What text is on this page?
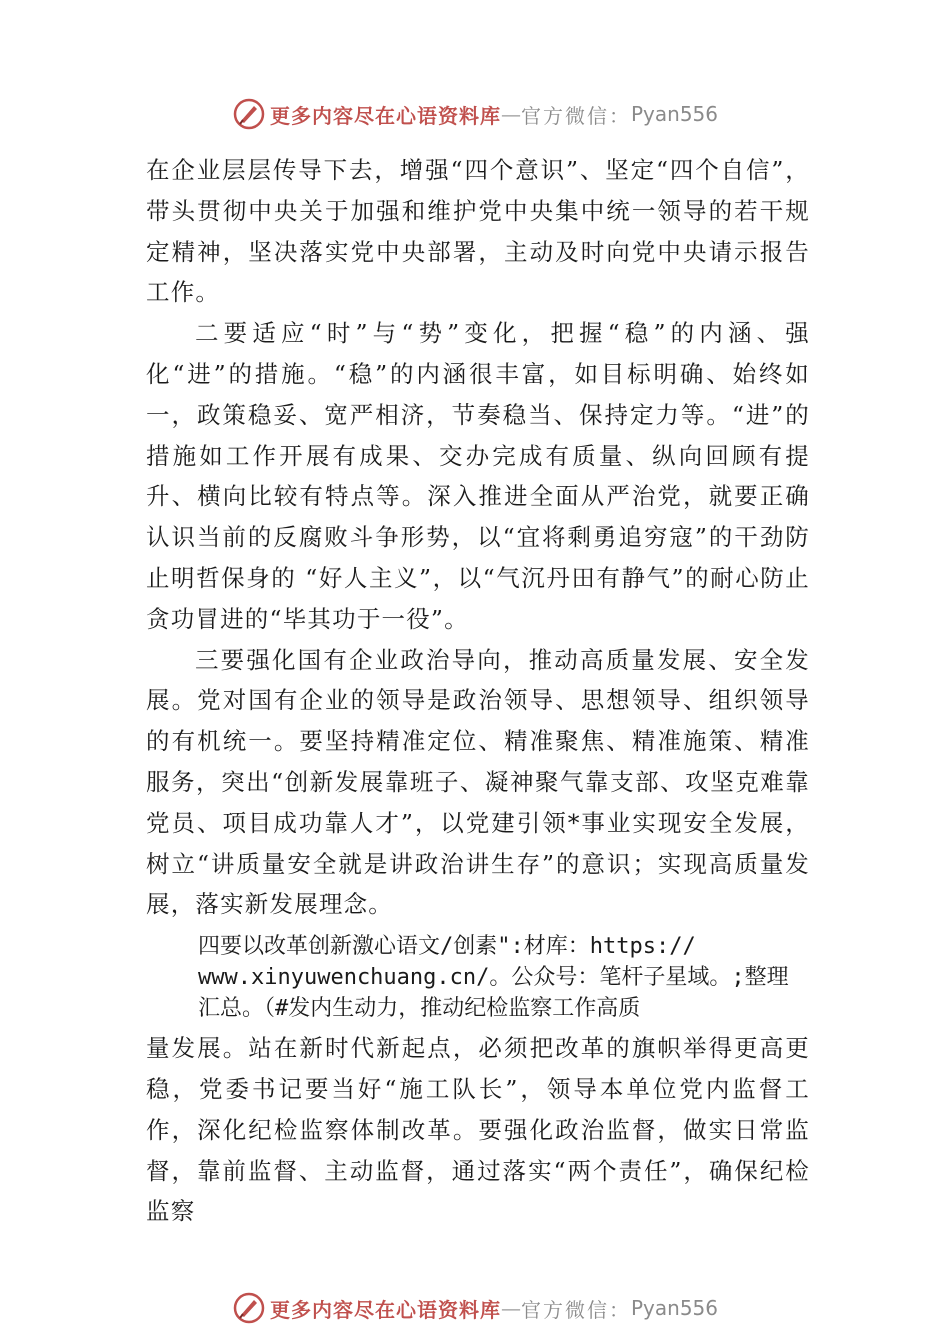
更多内容尽在心语资料库 — 官方微信： Pyan556

在企业层层传导下去，增强“四个意识”、坚定“四个自信”，带头贯彻中央关于加强和维护党中央集中统一领导的若干规定精神，坚决落实党中央部署，主动及时向党中央请示报告工作。

二要适应“时”与“势”变化，把握“稳”的内涵、强化“进”的措施。“稳”的内涵很丰富，如目标明确、始终如一，政策稳妥、宽严相济，节奏稳当、保持定力等。“进”的措施如工作开展有成果、交办完成有质量、纵向回顾有提升、横向比较有特点等。深入推进全面从严治党，就要正确认识当前的反腐败斗争形势，以“宜将剩勇追穷寇”的干劲防止明哲保身的 “好人主义”，以“气沉丹田有静气”的耐心防止贪功冒进的“毕其功于一役”。

三要强化国有企业政治导向，推动高质量发展、安全发展。党对国有企业的领导是政治领导、思想领导、组织领导的有机统一。要坚持精准定位、精准聚焦、精准施策、精准服务，突出“创新发展靠班子、凝神聚气靠支部、攻坚克难靠党员、项目成功靠人才”，以党建引领*事业实现安全发展，树立“讲质量安全就是讲政治讲生存”的意识；实现高质量发展，落实新发展理念。

四要以改革创新激心语文/创素":材库：https://
www.xinyuwenchuang.cn/。公众号：笔杆子星域。;整理
汇总。（#发内生动力，推动纪检监察工作高质

量发展。站在新时代新起点，必须把改革的旗帜举得更高更稳，党委书记要当好“施工队长”，领导本单位党内监督工作，深化纪检监察体制改革。要强化政治监督，做实日常监督，靠前监督、主动监督，通过落实“两个责任”，确保纪检监察

更多内容尽在心语资料库 — 官方微信： Pyan556
